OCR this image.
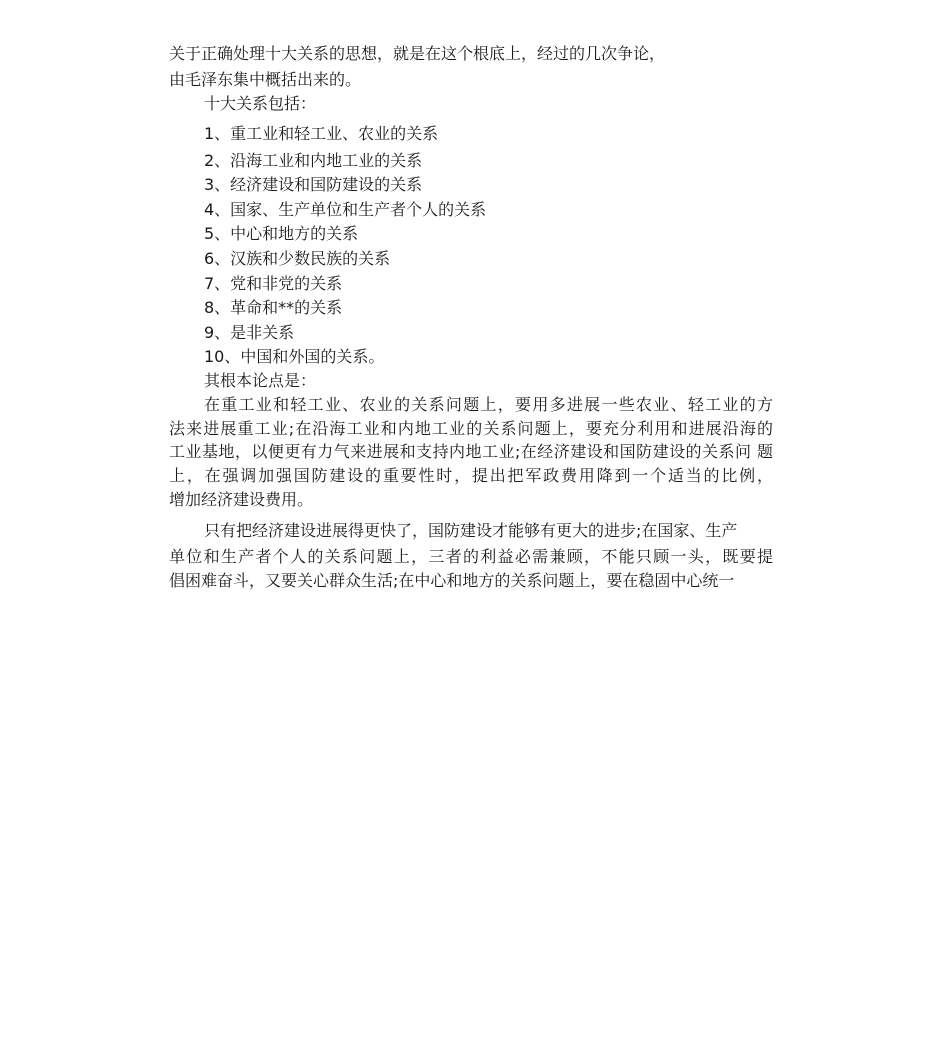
关于正确处理十大关系的思想，就是在这个根底上，经过的几次争论，
由毛泽东集中概括出来的。
十大关系包括：
1、重工业和轻工业、农业的关系
2、沿海工业和内地工业的关系
3、经济建设和国防建设的关系
4、国家、生产单位和生产者个人的关系
5、中心和地方的关系
6、汉族和少数民族的关系
7、党和非党的关系
8、革命和**的关系
9、是非关系
10、中国和外国的关系。
其根本论点是：
在重工业和轻工业、农业的关系问题上，要用多进展一些农业、轻工业的方
法来进展重工业;在沿海工业和内地工业的关系问题上，要充分利用和进展沿海的
工业基地，以便更有力气来进展和支持内地工业;在经济建设和国防建设的关系问 题
上，在强调加强国防建设的重要性时，提出把军政费用降到一个适当的比例，
增加经济建设费用。
只有把经济建设进展得更快了，国防建设才能够有更大的进步;在国家、生产
单位和生产者个人的关系问题上，三者的利益必需兼顾，不能只顾一头，既要提
倡困难奋斗，又要关心群众生活;在中心和地方的关系问题上，要在稳固中心统一
